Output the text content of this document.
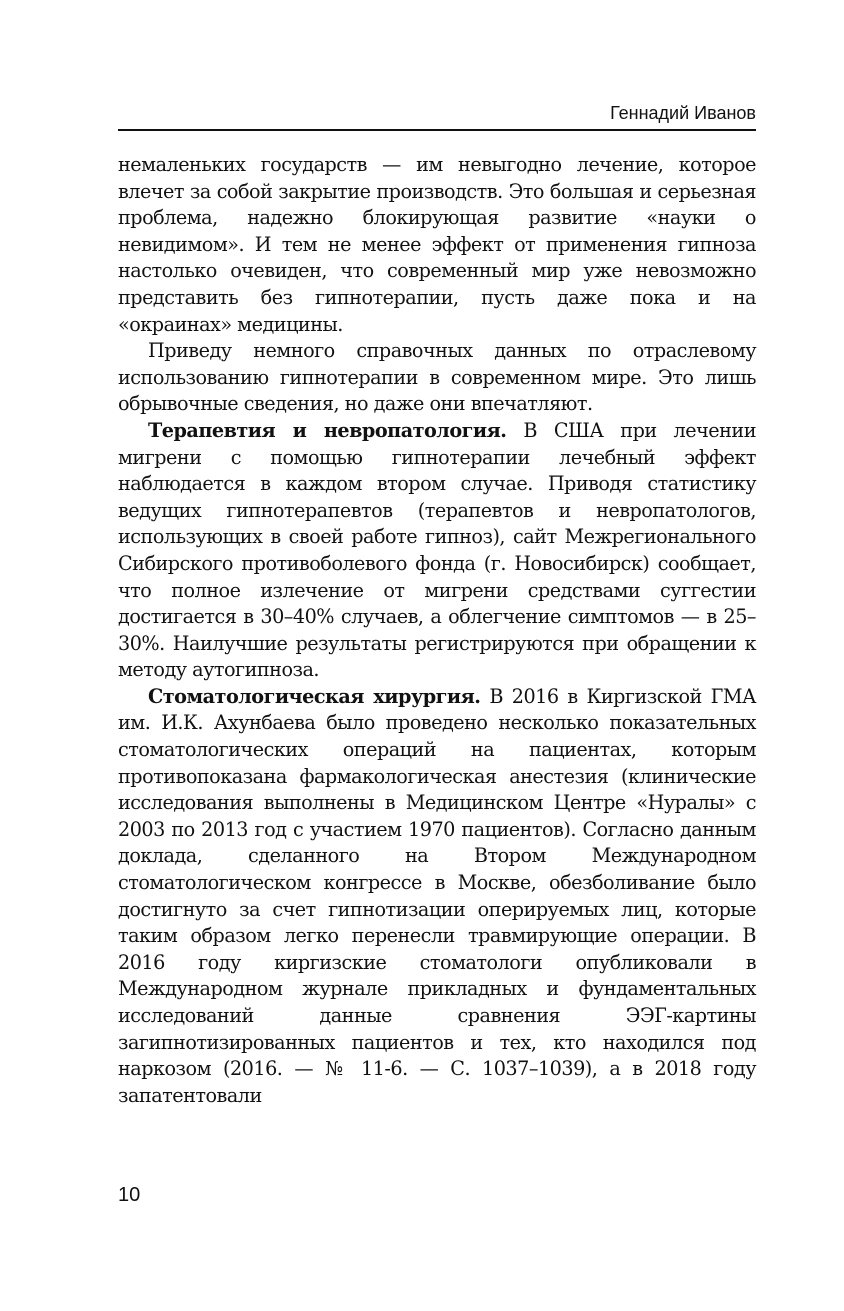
Геннадий Иванов

немаленьких государств — им невыгодно лечение, которое влечет за собой закрытие производств. Это большая и серьезная проблема, надежно блокирующая развитие «науки о невидимом». И тем не менее эффект от применения гипноза настолько очевиден, что современный мир уже невозможно представить без гипнотерапии, пусть даже пока и на «окраинах» медицины.

Приведу немного справочных данных по отраслевому использованию гипнотерапии в современном мире. Это лишь обрывочные сведения, но даже они впечатляют.

Терапевтия и невропатология. В США при лечении мигрени с помощью гипнотерапии лечебный эффект наблюдается в каждом втором случае. Приводя статистику ведущих гипнотерапевтов (терапевтов и невропатологов, использующих в своей работе гипноз), сайт Межрегионального Сибирского противоболевого фонда (г. Новосибирск) сообщает, что полное излечение от мигрени средствами суггестии достигается в 30–40% случаев, а облегчение симптомов — в 25–30%. Наилучшие результаты регистрируются при обращении к методу аутогипноза.

Стоматологическая хирургия. В 2016 в Киргизской ГМА им. И.К. Ахунбаева было проведено несколько показательных стоматологических операций на пациентах, которым противопоказана фармакологическая анестезия (клинические исследования выполнены в Медицинском Центре «Нуралы» с 2003 по 2013 год с участием 1970 пациентов). Согласно данным доклада, сделанного на Втором Международном стоматологическом конгрессе в Москве, обезболивание было достигнуто за счет гипнотизации оперируемых лиц, которые таким образом легко перенесли травмирующие операции. В 2016 году киргизские стоматологи опубликовали в Международном журнале прикладных и фундаментальных исследований данные сравнения ЭЭГ-картины загипнотизированных пациентов и тех, кто находился под наркозом (2016. — № 11-6. — С. 1037–1039), а в 2018 году запатентовали

10
